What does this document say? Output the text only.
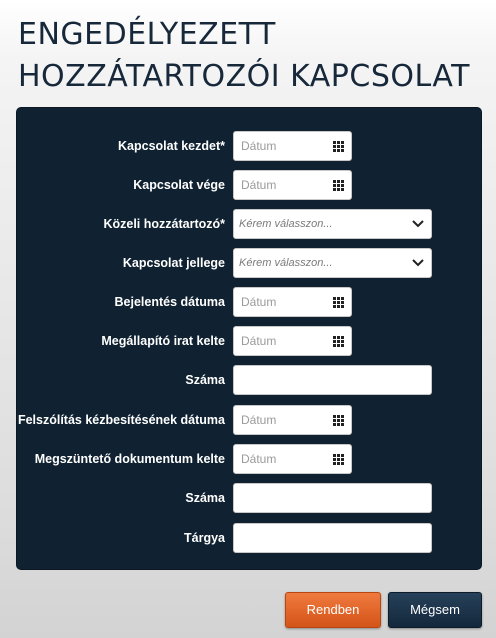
ENGEDÉLYEZETT HOZZÁTARTOZÓI KAPCSOLAT
Kapcsolat kezdet*
Dátum
Kapcsolat vége
Dátum
Közeli hozzátartozó* Kérem válasszon...
Kapcsolat jellege Kérem válasszon...
Bejelentés dátuma
Dátum
Megállapító irat kelte
Dátum
Száma
Felszólítás kézbesítésének dátuma
Dátum
Megszüntető dokumentum kelte
Dátum
Száma
Tárgya
Rendben	Mégsem
